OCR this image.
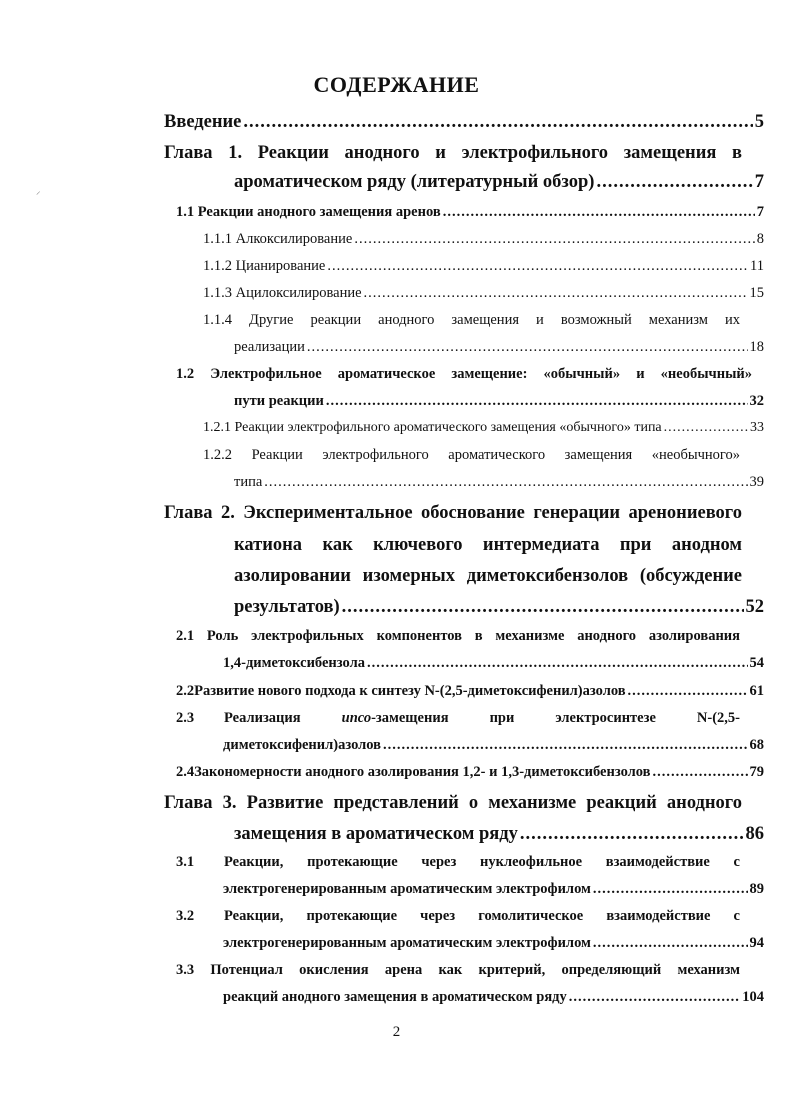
СОДЕРЖАНИЕ
⸝
Введение .....	5
Глава 1. Реакции анодного и электрофильного замещения в
ароматическом ряду (литературный обзор) .....	7
1.1 Реакции анодного замещения аренов .....	7
1.1.1 Алкоксилирование .....	8
1.1.2 Цианирование .....	11
1.1.3 Ацилоксилирование .....	15
1.1.4 Другие реакции анодного замещения и возможный механизм их
реализации .....	18
1.2 Электрофильное ароматическое замещение: «обычный» и «необычный»
пути реакции .....	32
1.2.1 Реакции электрофильного ароматического замещения «обычного» типа .....	33
1.2.2 Реакции электрофильного ароматического замещения «необычного»
типа .....	39
Глава 2. Экспериментальное обоснование генерации аренониевого
катиона как ключевого интермедиата при анодном
азолировании изомерных диметоксибензолов (обсуждение
результатов) .....	52
2.1 Роль электрофильных компонентов в механизме анодного азолирования
1,4-диметоксибензола .....	54
2.2 Развитие нового подхода к синтезу N-(2,5-диметоксифенил)азолов .....	61
2.3	Реализация	ипсо-замещения при электросинтезе N-(2,5-
диметоксифенил)азолов .....	68
2.4 Закономерности анодного азолирования 1,2- и 1,3-диметоксибензолов .....	79
Глава 3. Развитие представлений о механизме реакций анодного
замещения в ароматическом ряду .....	86
3.1	Реакции, протекающие через нуклеофильное взаимодействие с
электрогенерированным ароматическим электрофилом .....	89
3.2	Реакции, протекающие через гомолитическое взаимодействие с
электрогенерированным ароматическим электрофилом .....	94
3.3 Потенциал окисления арена как критерий, определяющий механизм
реакций анодного замещения в ароматическом ряду .....	104
2
